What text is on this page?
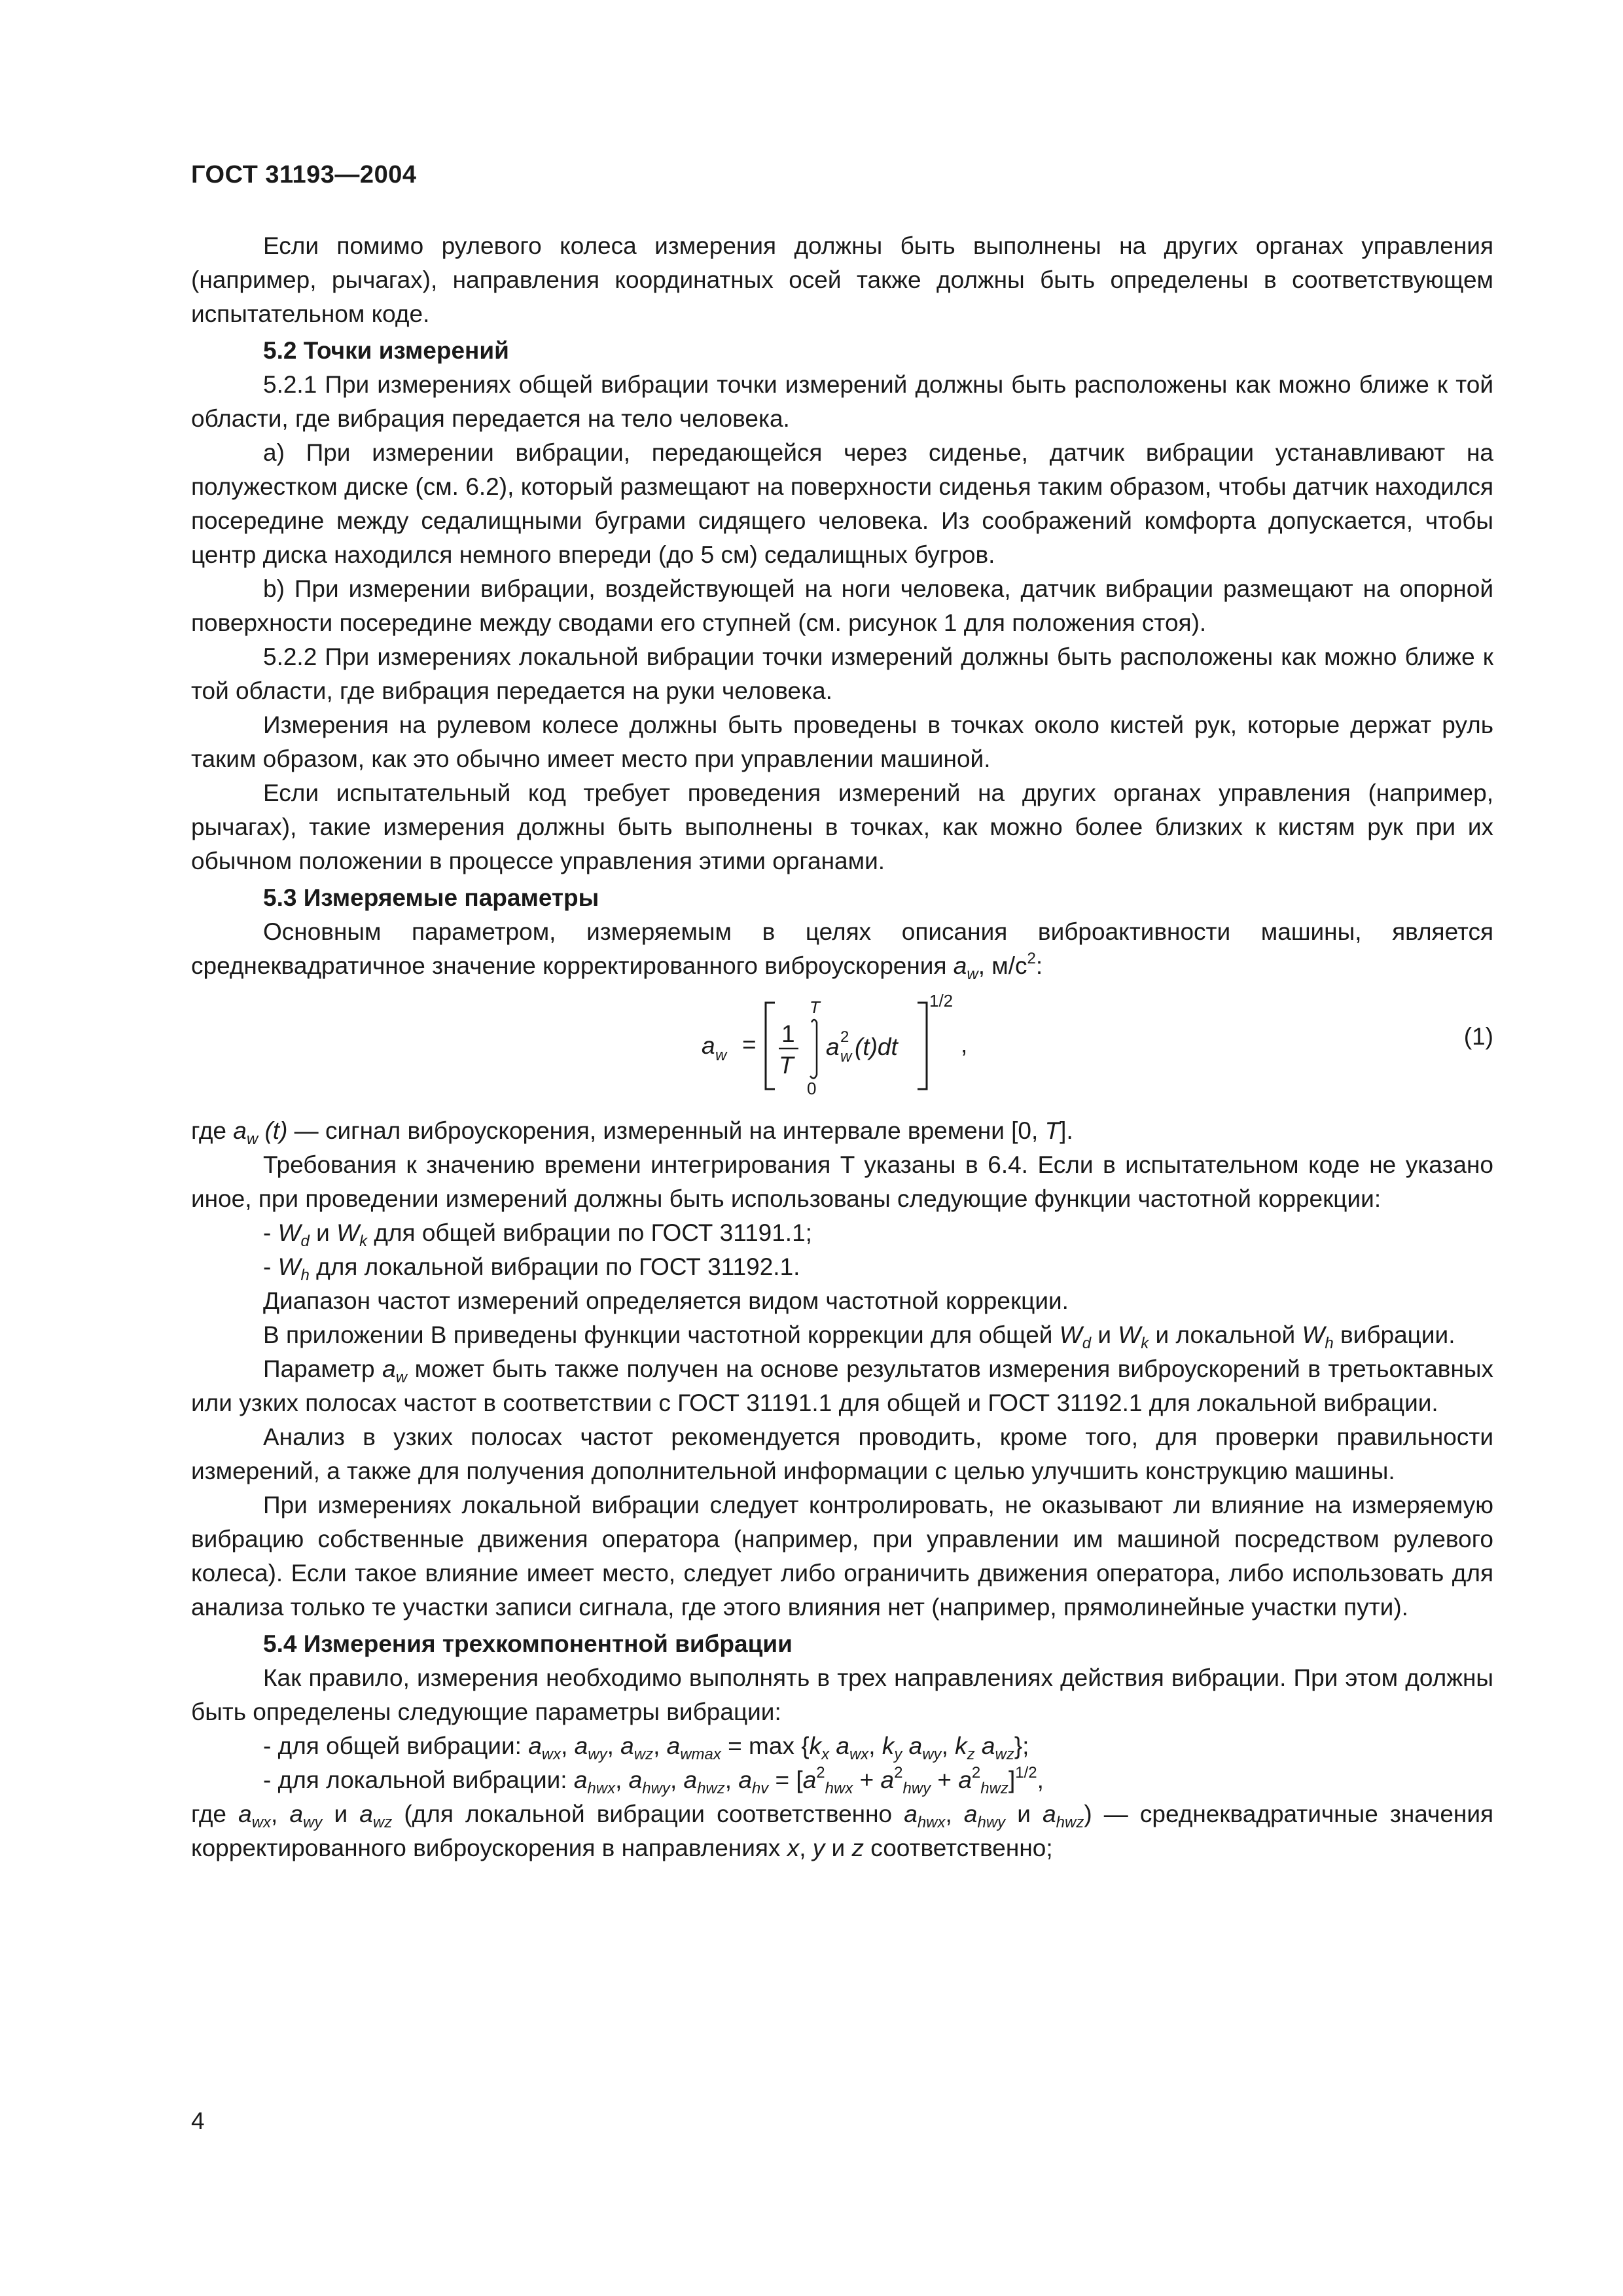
ГОСТ 31193—2004

Если помимо рулевого колеса измерения должны быть выполнены на других органах управления (например, рычагах), направления координатных осей также должны быть определены в соответствующем испытательном коде.

5.2 Точки измерений

5.2.1 При измерениях общей вибрации точки измерений должны быть расположены как можно ближе к той области, где вибрация передается на тело человека.

a) При измерении вибрации, передающейся через сиденье, датчик вибрации устанавливают на полужестком диске (см. 6.2), который размещают на поверхности сиденья таким образом, чтобы датчик находился посередине между седалищными буграми сидящего человека. Из соображений комфорта допускается, чтобы центр диска находился немного впереди (до 5 см) седалищных бугров.

b) При измерении вибрации, воздействующей на ноги человека, датчик вибрации размещают на опорной поверхности посередине между сводами его ступней (см. рисунок 1 для положения стоя).

5.2.2 При измерениях локальной вибрации точки измерений должны быть расположены как можно ближе к той области, где вибрация передается на руки человека.

Измерения на рулевом колесе должны быть проведены в точках около кистей рук, которые держат руль таким образом, как это обычно имеет место при управлении машиной.

Если испытательный код требует проведения измерений на других органах управления (например, рычагах), такие измерения должны быть выполнены в точках, как можно более близких к кистям рук при их обычном положении в процессе управления этими органами.

5.3 Измеряемые параметры

Основным параметром, измеряемым в целях описания виброактивности машины, является среднеквадратичное значение корректированного виброускорения $a_w$, $м/с^2$:

a w = 1
T
T
0
a 2
w (t)dt
1/2
,	(1)

где $a_w$ (t) — сигнал виброускорения, измеренный на интервале времени [0, T].

Требования к значению времени интегрирования T указаны в 6.4. Если в испытательном коде не указано иное, при проведении измерений должны быть использованы следующие функции частотной коррекции:

- $W_d$ и $W_k$ для общей вибрации по ГОСТ 31191.1;

- $W_h$ для локальной вибрации по ГОСТ 31192.1.

Диапазон частот измерений определяется видом частотной коррекции.

В приложении В приведены функции частотной коррекции для общей $W_d$ и $W_k$ и локальной $W_h$ вибрации.

Параметр $a_w$ может быть также получен на основе результатов измерения виброускорений в третьоктавных или узких полосах частот в соответствии с ГОСТ 31191.1 для общей и ГОСТ 31192.1 для локальной вибрации.

Анализ в узких полосах частот рекомендуется проводить, кроме того, для проверки правильности измерений, а также для получения дополнительной информации с целью улучшить конструкцию машины.

При измерениях локальной вибрации следует контролировать, не оказывают ли влияние на измеряемую вибрацию собственные движения оператора (например, при управлении им машиной посредством рулевого колеса). Если такое влияние имеет место, следует либо ограничить движения оператора, либо использовать для анализа только те участки записи сигнала, где этого влияния нет (например, прямолинейные участки пути).

5.4 Измерения трехкомпонентной вибрации

Как правило, измерения необходимо выполнять в трех направлениях действия вибрации. При этом должны быть определены следующие параметры вибрации:

- для общей вибрации: $a_{wx}$, $a_{wy}$, $a_{wz}$, $a_{wmax} = \max \{k_x$ $a_{wx}$, $k_y$ $a_{wy}$, $k_z$ $a_{wz}$};

- для локальной вибрации: $a_{hwx}$, $a_{hwy}$, $a_{hwz}$, $a_{hv} = [a^2_{hwx} + a^2_{hwy} + a^2_{hwz}]^{1/2}$,

где $a_{wx}$, $a_{wy}$ и $a_{wz}$ (для локальной вибрации соответственно $a_{hwx}$, $a_{hwy}$ и $a_{hwz}$) — среднеквадратичные значения корректированного виброускорения в направлениях x, y и z соответственно;

4
